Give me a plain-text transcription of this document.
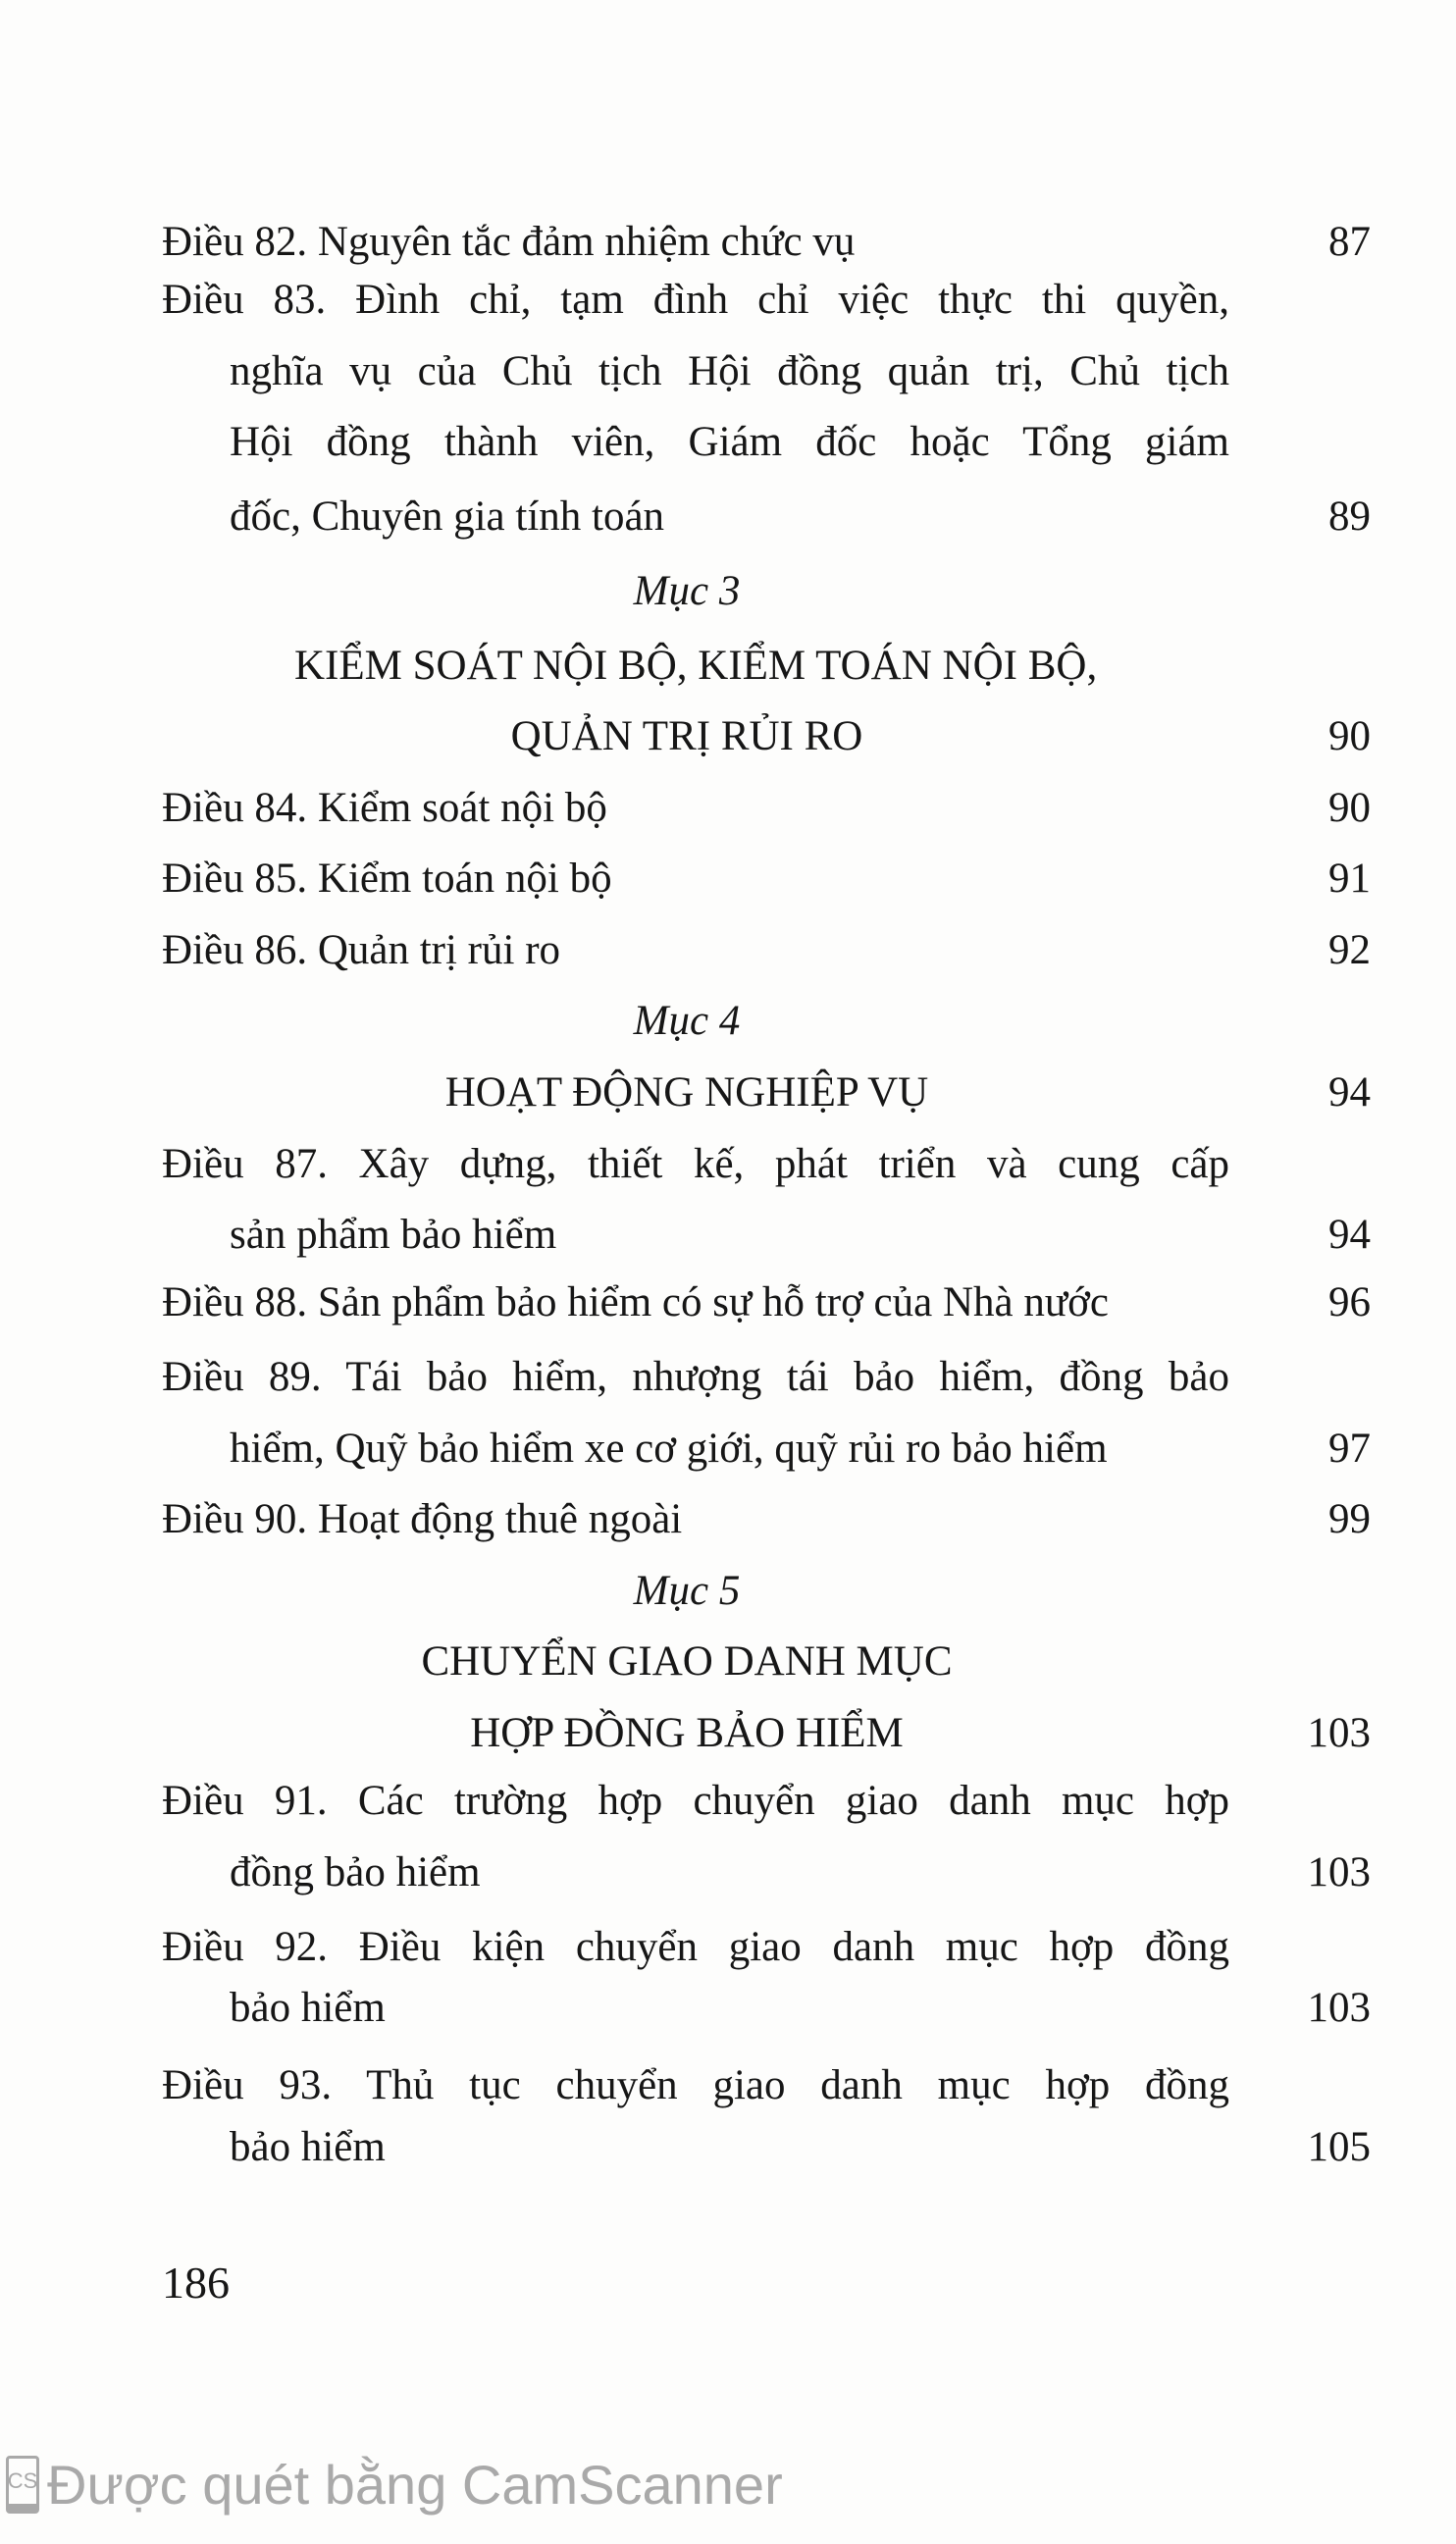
Điều 82. Nguyên tắc đảm nhiệm chức vụ	87
Điều 83. Đình chỉ, tạm đình chỉ việc thực thi quyền,
nghĩa vụ của Chủ tịch Hội đồng quản trị, Chủ tịch
Hội đồng thành viên, Giám đốc hoặc Tổng giám
đốc, Chuyên gia tính toán	89
Mục 3
KIỂM SOÁT NỘI BỘ, KIỂM TOÁN NỘI BỘ,
QUẢN TRỊ RỦI RO	90
Điều 84. Kiểm soát nội bộ	90
Điều 85. Kiểm toán nội bộ	91
Điều 86. Quản trị rủi ro	92
Mục 4
HOẠT ĐỘNG NGHIỆP VỤ	94
Điều 87. Xây dựng, thiết kế, phát triển và cung cấp
sản phẩm bảo hiểm	94
Điều 88. Sản phẩm bảo hiểm có sự hỗ trợ của Nhà nước	96
Điều 89. Tái bảo hiểm, nhượng tái bảo hiểm, đồng bảo
hiểm, Quỹ bảo hiểm xe cơ giới, quỹ rủi ro bảo hiểm	97
Điều 90. Hoạt động thuê ngoài	99
Mục 5
CHUYỂN GIAO DANH MỤC
HỢP ĐỒNG BẢO HIỂM	103
Điều 91. Các trường hợp chuyển giao danh mục hợp
đồng bảo hiểm	103
Điều 92. Điều kiện chuyển giao danh mục hợp đồng
bảo hiểm	103
Điều 93. Thủ tục chuyển giao danh mục hợp đồng
bảo hiểm	105
186
CS Được quét bằng CamScanner
